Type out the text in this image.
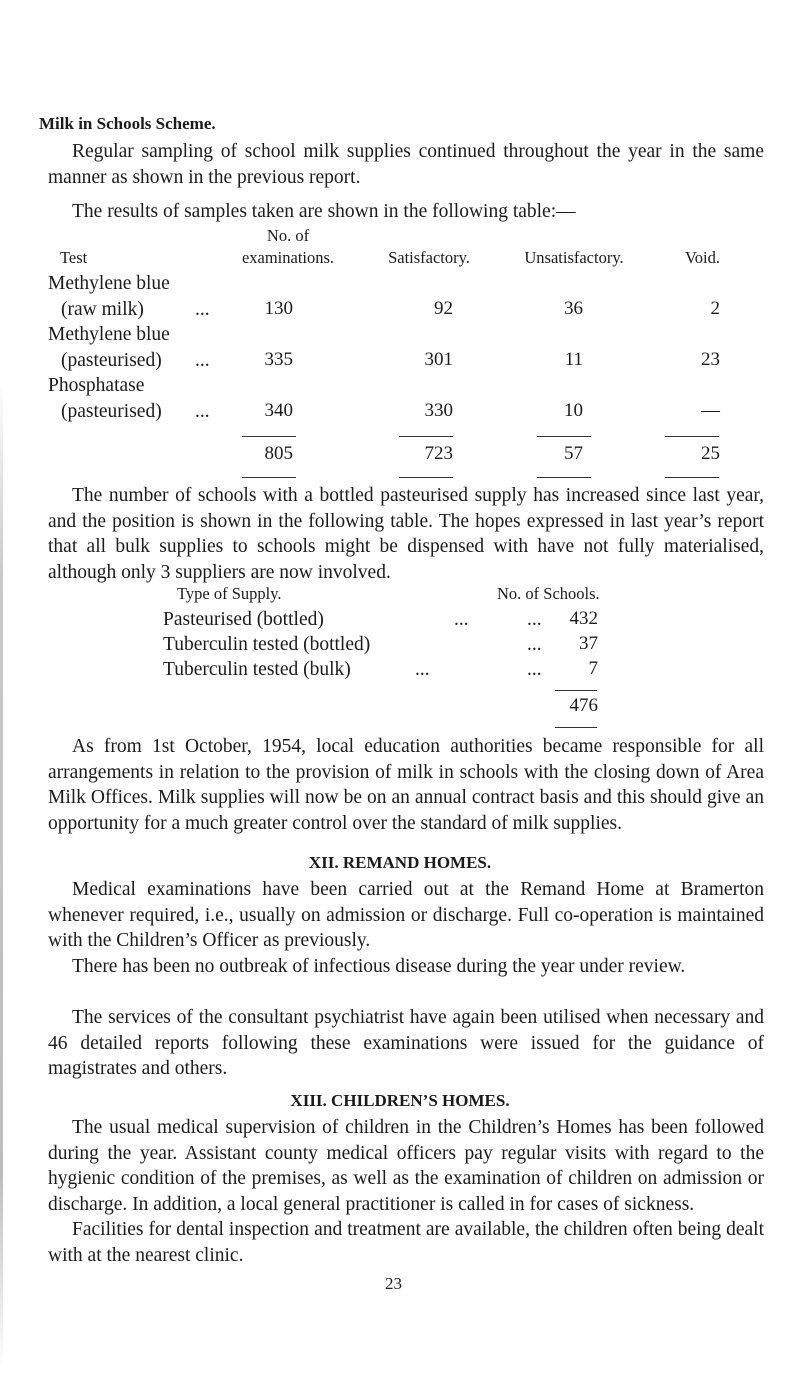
Milk in Schools Scheme.
Regular sampling of school milk supplies continued throughout the year in the same manner as shown in the previous report.
The results of samples taken are shown in the following table:—
No. of
Test	examinations.	Satisfactory.	Unsatisfactory.	Void.
Methylene blue
(raw milk)	...	130	92	36	2
Methylene blue
(pasteurised) ...	335	301	11	23
Phosphatase
(pasteurised) ...	340	330	10	—
805	723	57	25
The number of schools with a bottled pasteurised supply has increased since last year, and the position is shown in the following table. The hopes expressed in last year’s report that all bulk supplies to schools might be dispensed with have not fully materialised, although only 3 suppliers are now involved.
Type of Supply.	No. of Schools.
Pasteurised (bottled)	...	...	432
Tuberculin tested (bottled)	...	37
Tuberculin tested (bulk)	...	...	7
476
As from 1st October, 1954, local education authorities became responsible for all arrangements in relation to the provision of milk in schools with the closing down of Area Milk Offices. Milk supplies will now be on an annual contract basis and this should give an opportunity for a much greater control over the standard of milk supplies.
XII. REMAND HOMES.
Medical examinations have been carried out at the Remand Home at Bramerton whenever required, i.e., usually on admission or discharge. Full co-operation is maintained with the Children’s Officer as previously.
There has been no outbreak of infectious disease during the year under review.
The services of the consultant psychiatrist have again been utilised when necessary and 46 detailed reports following these examinations were issued for the guidance of magistrates and others.
XIII. CHILDREN’S HOMES.
The usual medical supervision of children in the Children’s Homes has been followed during the year. Assistant county medical officers pay regular visits with regard to the hygienic condition of the premises, as well as the examination of children on admission or discharge. In addition, a local general practitioner is called in for cases of sickness.
Facilities for dental inspection and treatment are available, the children often being dealt with at the nearest clinic.
23
